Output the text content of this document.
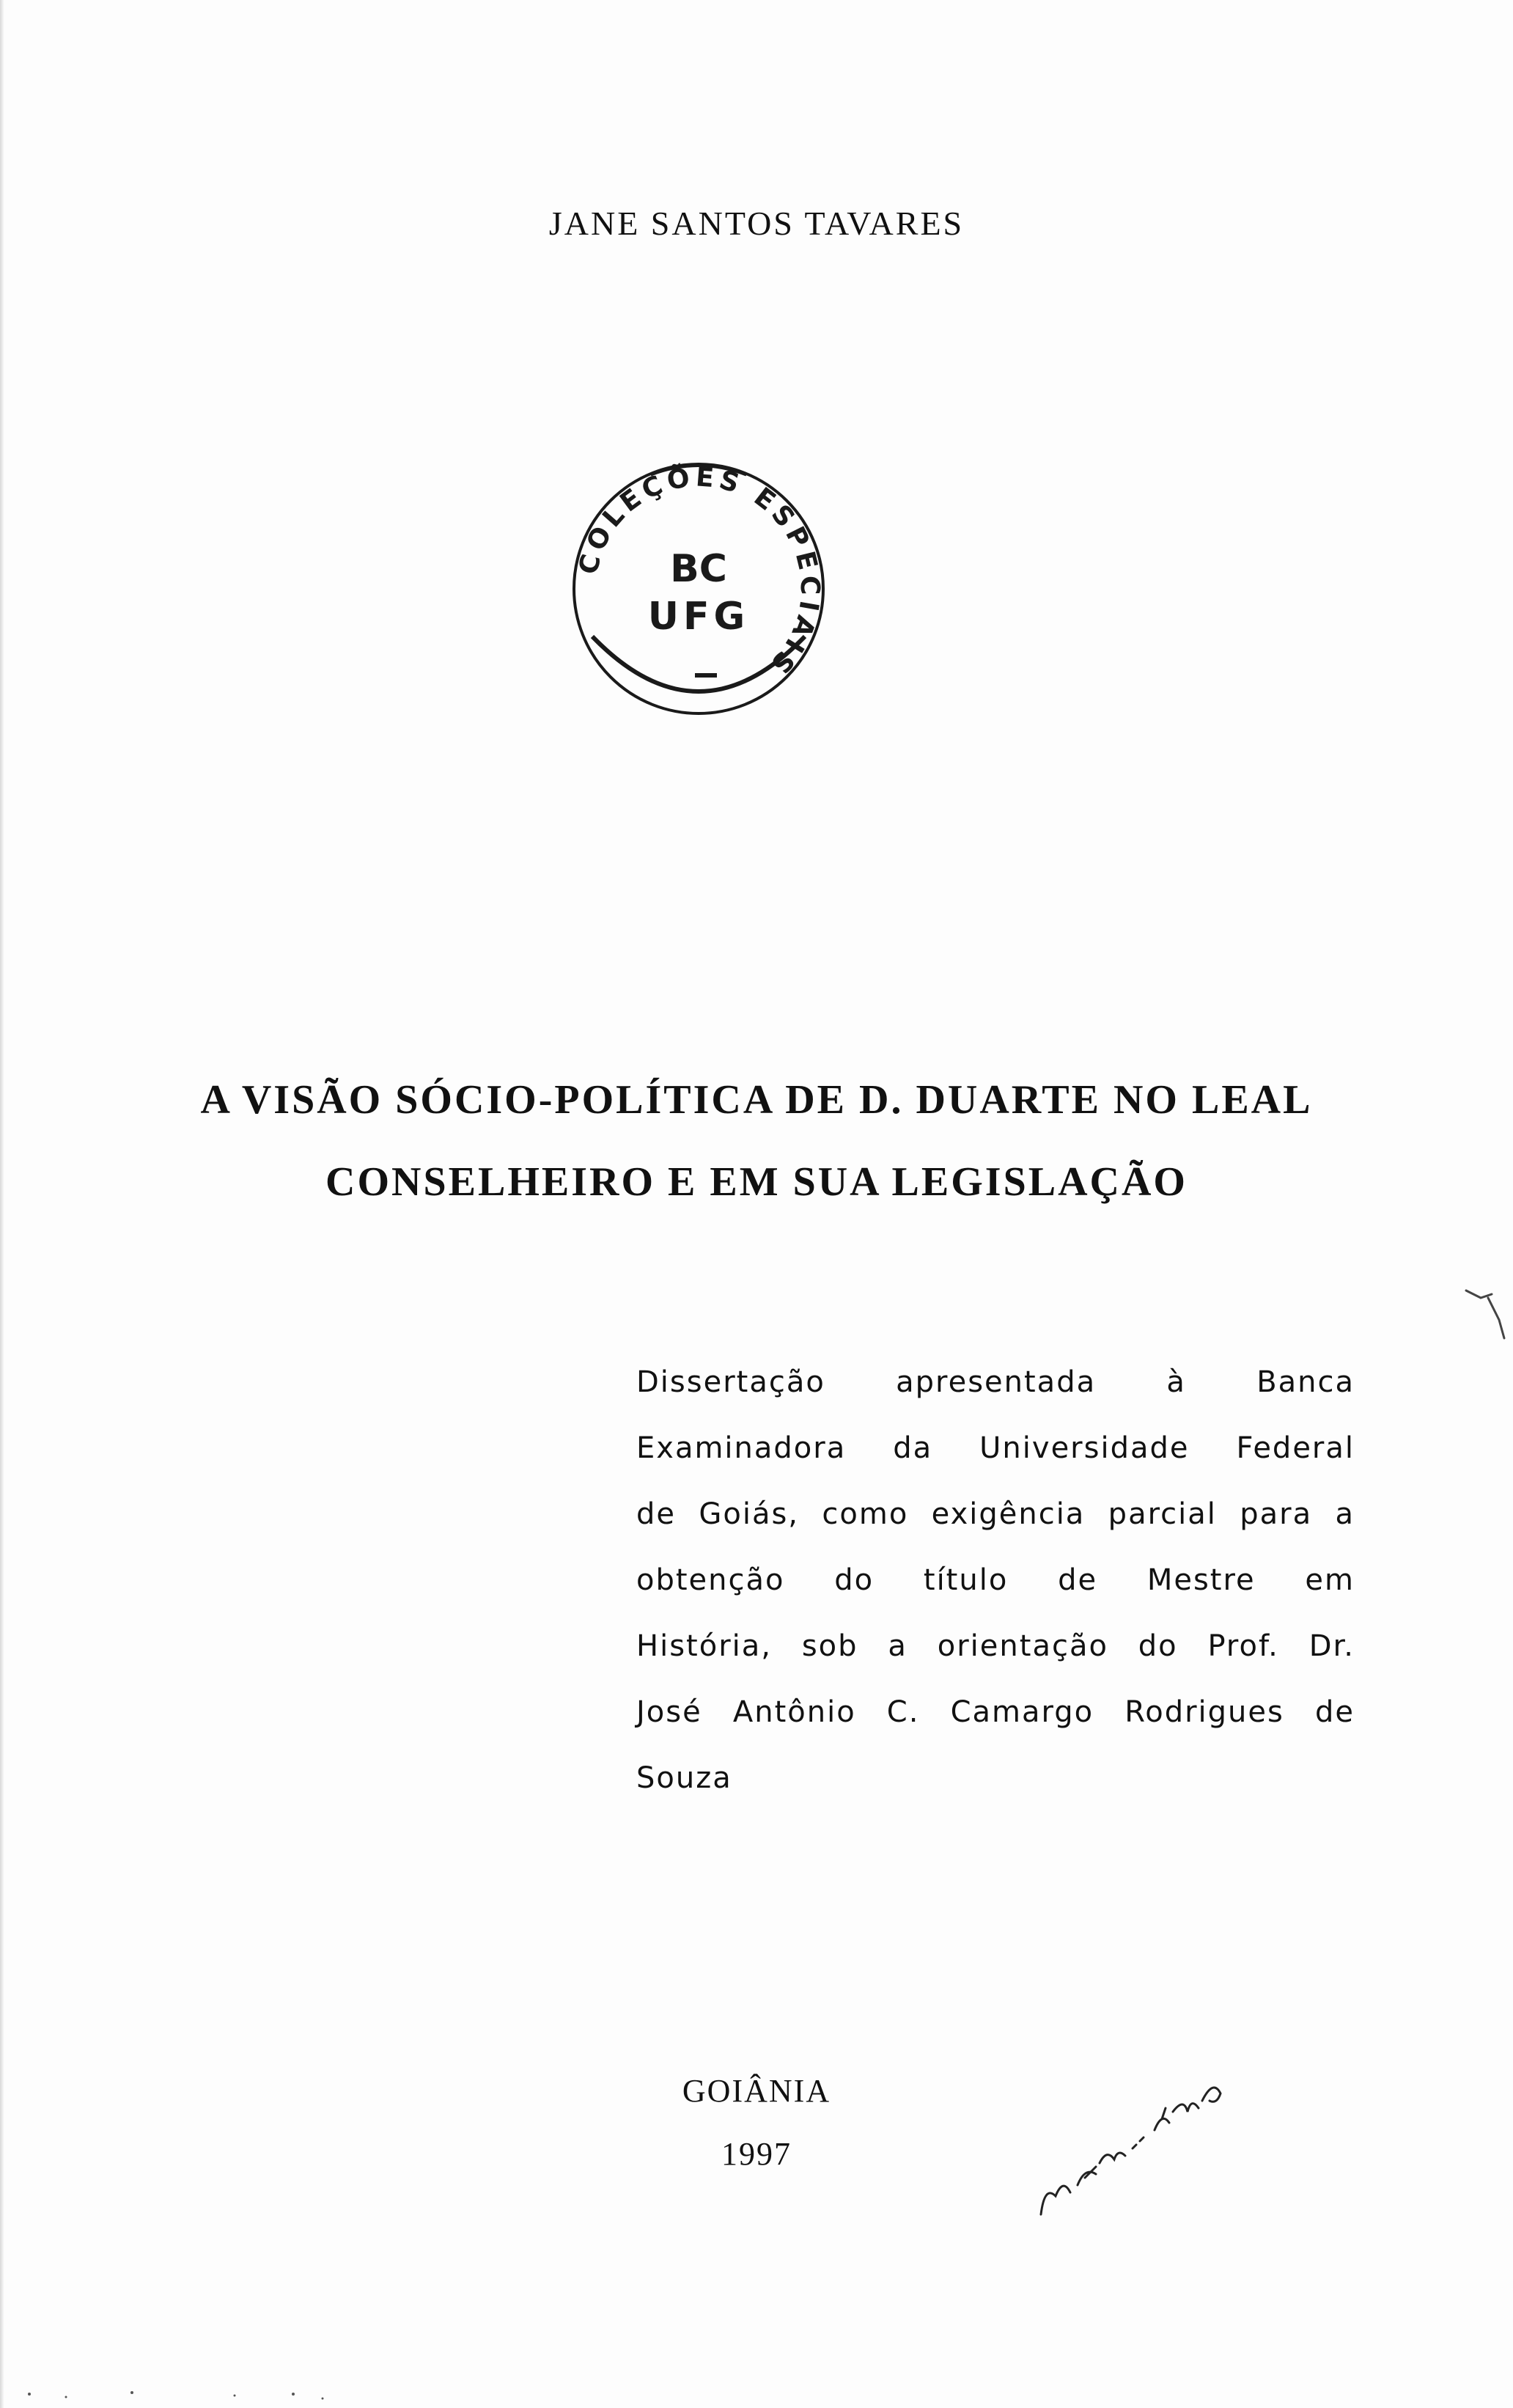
JANE SANTOS TAVARES
COLEÇÕES ESPECIAIS
BC
UFG
A VISÃO SÓCIO-POLÍTICA DE D. DUARTE NO LEAL
CONSELHEIRO E EM SUA LEGISLAÇÃO
Dissertação apresentada à Banca
Examinadora da Universidade Federal
de Goiás, como exigência parcial para a
obtenção do título de Mestre em
História, sob a orientação do Prof. Dr.
José Antônio C. Camargo Rodrigues de
Souza
GOIÂNIA
1997
